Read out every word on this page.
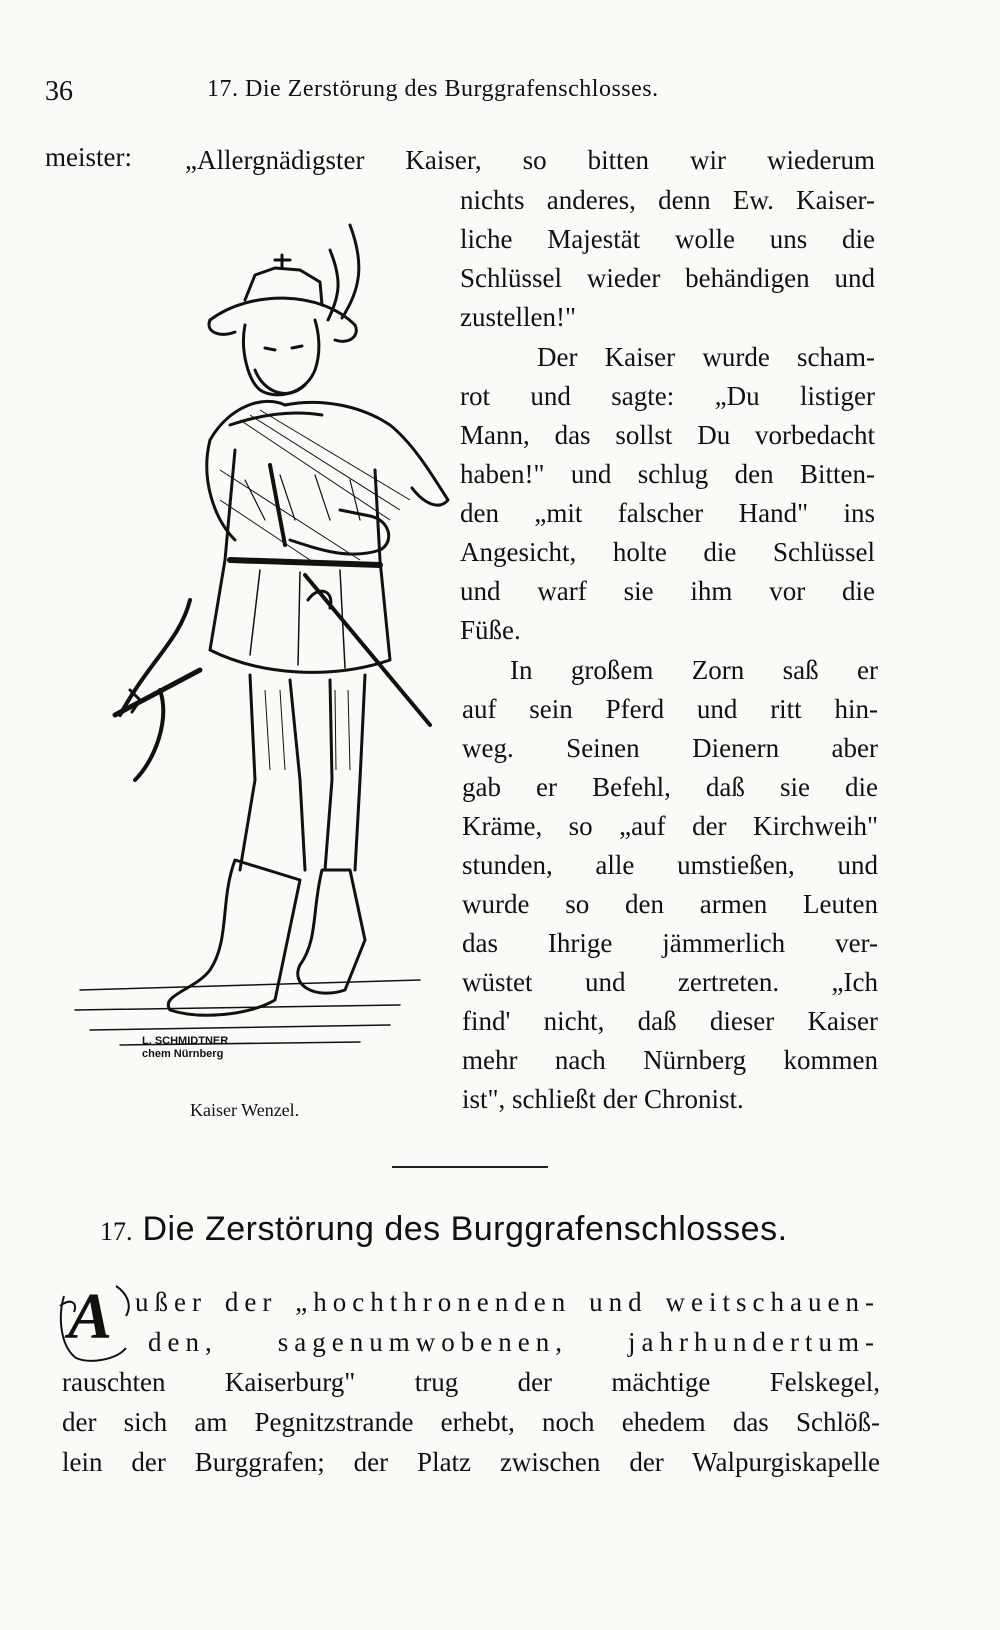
36	17. Die Zerstörung des Burggrafenschlosses.
meister: „Allergnädigster Kaiser, so bitten wir wiederum
nichts anderes, denn Ew. Kaiser-
liche Majestät wolle uns die
Schlüssel wieder behändigen und
zustellen!"
Der Kaiser wurde scham-
rot und sagte: „Du listiger
Mann, das sollst Du vorbedacht
haben!" und schlug den Bitten-
den „mit falscher Hand" ins
Angesicht, holte die Schlüssel
und warf sie ihm vor die
Füße.
In großem Zorn saß er
auf sein Pferd und ritt hin-
weg. Seinen Dienern aber
gab er Befehl, daß sie die
Kräme, so „auf der Kirchweih"
stunden, alle umstießen, und
wurde so den armen Leuten
das Ihrige jämmerlich ver-
wüstet und zertreten. „Ich
find' nicht, daß dieser Kaiser
mehr nach Nürnberg kommen
ist", schließt der Chronist.
L. SCHMIDTNER
chem Nürnberg
Kaiser Wenzel.
17. Die Zerstörung des Burggrafenschlosses.
A ußer der „hochthronenden und weitschauen-
den, sagenumwobenen, jahrhundertum-
rauschten Kaiserburg" trug der mächtige Felskegel,
der sich am Pegnitzstrande erhebt, noch ehedem das Schlöß-
lein der Burggrafen; der Platz zwischen der Walpurgiskapelle
